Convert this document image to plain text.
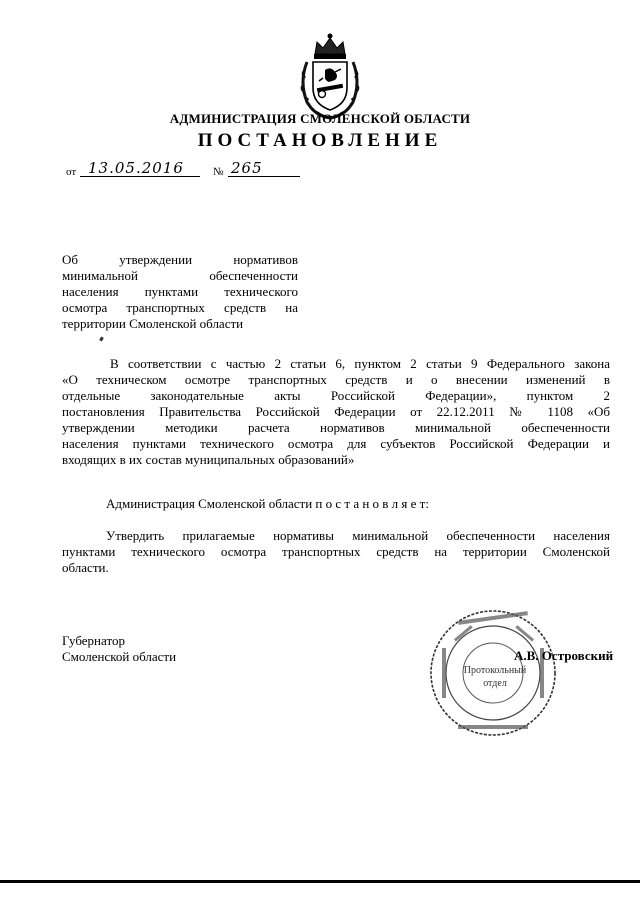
АДМИНИСТРАЦИЯ СМОЛЕНСКОЙ ОБЛАСТИ
ПОСТАНОВЛЕНИЕ
от 13.05.2016	№ 265
Об утверждении нормативов
минимальной обеспеченности
населения пунктами технического
осмотра транспортных средств на
территории Смоленской области
В соответствии с частью 2 статьи 6, пунктом 2 статьи 9 Федерального закона
«О техническом осмотре транспортных средств и о внесении изменений в
отдельные законодательные акты Российской Федерации», пунктом 2
постановления Правительства Российской Федерации от 22.12.2011 № 1108 «Об
утверждении методики расчета нормативов минимальной обеспеченности
населения пунктами технического осмотра для субъектов Российской Федерации и
входящих в их состав муниципальных образований»
Администрация Смоленской области п о с т а н о в л я е т:
Утвердить прилагаемые нормативы минимальной обеспеченности населения
пунктами технического осмотра транспортных средств на территории Смоленской
области.
Губернатор
Смоленской области
Протокольный
отдел
А.В. Островский
